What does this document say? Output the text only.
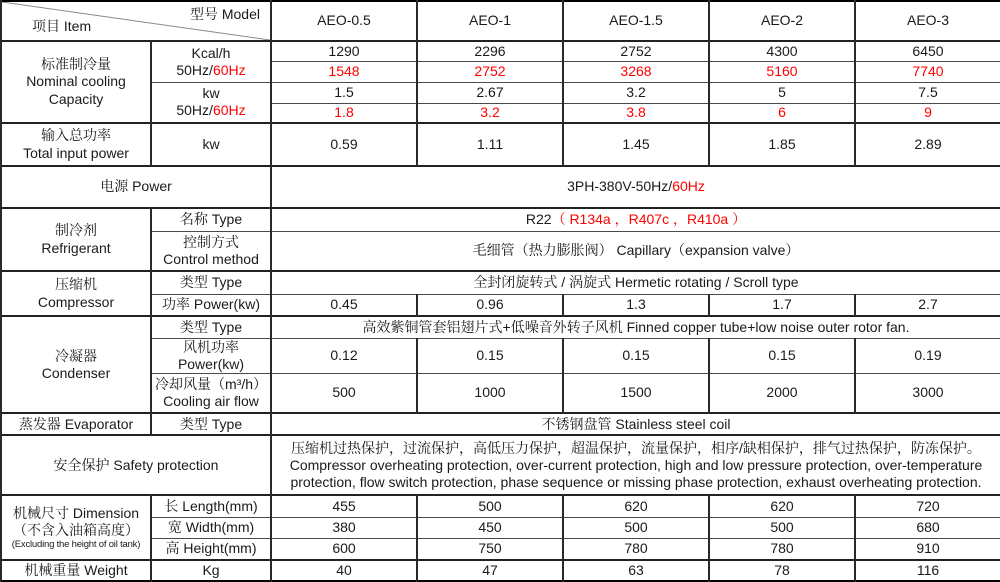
型号 Model
项目 Item		AEO-0.5	AEO-1	AEO-1.5	AEO-2	AEO-3

标准制冷量
Nominal cooling Capacity

Kcal/h
50Hz/60Hz
	1290	2296	2752	4300	6450
		1548	2752	3268	5160	7740

	kw
50Hz/60Hz	1.5	2.67	3.2	5	7.5
		1.8	3.2	3.8	6	9

输入总功率
Total input power	kw	0.59	1.11	1.45	1.85	2.89
电源 Power		3PH-380V-50Hz/60Hz				

制冷剂
Refrigerant	名称 Type	R22（ R134a ，R407c ，R410a ）				

	控制方式
Control method	毛细管（热力膨胀阀） Capillary（expansion valve）				

压缩机
Compressor	类型 Type	全封闭旋转式 / 涡旋式 Hermetic rotating / Scroll type				
	功率 Power(kw)	0.45	0.96	1.3	1.7	2.7

冷凝器
Condenser	类型 Type	高效紫铜管套铝翅片式+低噪音外转子风机 Finned copper tube+low noise outer rotor fan.				
	风机功率 Power(kw)	0.12	0.15	0.15	0.15	0.19

	冷却风量（m³/h）
Cooling air flow	500	1000	1500	2000	3000
蒸发器 Evaporator	类型 Type	不锈钢盘管 Stainless steel coil				
安全保护 Safety protection		压缩机过热保护，过流保护，高低压力保护，超温保护，流量保护，相序/缺相保护，排气过热保护，防冻保护。
Compressor overheating protection, over-current protection, high and low pressure protection, over-temperature protection, flow switch protection, phase sequence or missing phase protection, exhaust overheating protection.				

机械尺寸 Dimension
（不含入油箱高度）
(Excluding the height of oil tank)	长 Length(mm)	455	500	620	620	720
	宽 Width(mm)	380	450	500	500	680
	高 Height(mm)	600	750	780	780	910
机械重量 Weight	Kg	40	47	63	78	116
